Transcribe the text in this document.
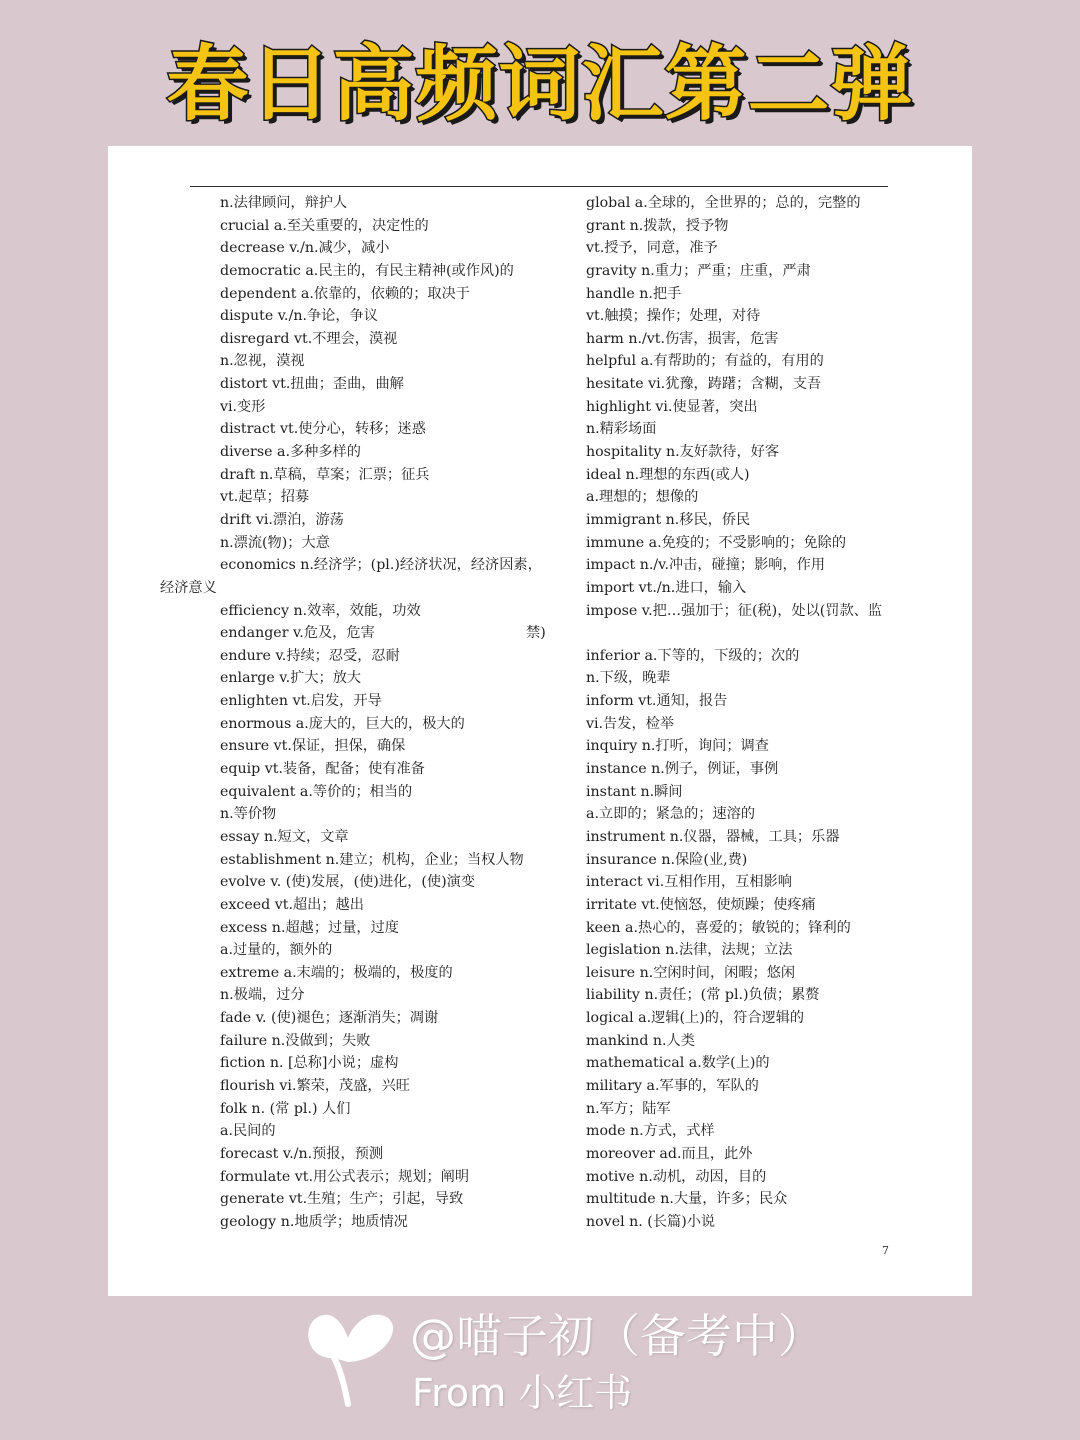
春日高频词汇第二弹
n.法律顾问，辩护人
crucial a.至关重要的，决定性的
decrease v./n.减少，减小
democratic a.民主的，有民主精神(或作风)的
dependent a.依靠的，依赖的；取决于
dispute v./n.争论，争议
disregard vt.不理会，漠视
n.忽视，漠视
distort vt.扭曲；歪曲，曲解
vi.变形
distract vt.使分心，转移；迷惑
diverse a.多种多样的
draft n.草稿，草案；汇票；征兵
vt.起草；招募
drift vi.漂泊，游荡
n.漂流(物)；大意
economics n.经济学；(pl.)经济状况，经济因素，
经济意义
efficiency n.效率，效能，功效
endanger v.危及，危害
endure v.持续；忍受，忍耐
enlarge v.扩大；放大
enlighten vt.启发，开导
enormous a.庞大的，巨大的，极大的
ensure vt.保证，担保，确保
equip vt.装备，配备；使有准备
equivalent a.等价的；相当的
n.等价物
essay n.短文，文章
establishment n.建立；机构，企业；当权人物
evolve v. (使)发展，(使)进化，(使)演变
exceed vt.超出；越出
excess n.超越；过量，过度
a.过量的，额外的
extreme a.末端的；极端的，极度的
n.极端，过分
fade v. (使)褪色；逐渐消失；凋谢
failure n.没做到；失败
fiction n. [总称]小说；虚构
flourish vi.繁荣，茂盛，兴旺
folk n. (常 pl.) 人们
a.民间的
forecast v./n.预报，预测
formulate vt.用公式表示；规划；阐明
generate vt.生殖；生产；引起，导致
geology n.地质学；地质情况
global a.全球的，全世界的；总的，完整的
grant n.拨款，授予物
vt.授予，同意，准予
gravity n.重力；严重；庄重，严肃
handle n.把手
vt.触摸；操作；处理，对待
harm n./vt.伤害，损害，危害
helpful a.有帮助的；有益的，有用的
hesitate vi.犹豫，踌躇；含糊，支吾
highlight vi.使显著，突出
n.精彩场面
hospitality n.友好款待，好客
ideal n.理想的东西(或人)
a.理想的；想像的
immigrant n.移民，侨民
immune a.免疫的；不受影响的；免除的
impact n./v.冲击，碰撞；影响，作用
import vt./n.进口，输入
impose v.把…强加于；征(税)，处以(罚款、监
禁)
inferior a.下等的，下级的；次的
n.下级，晚辈
inform vt.通知，报告
vi.告发，检举
inquiry n.打听，询问；调查
instance n.例子，例证，事例
instant n.瞬间
a.立即的；紧急的；速溶的
instrument n.仪器，器械，工具；乐器
insurance n.保险(业,费)
interact vi.互相作用，互相影响
irritate vt.使恼怒，使烦躁；使疼痛
keen a.热心的，喜爱的；敏锐的；锋利的
legislation n.法律，法规；立法
leisure n.空闲时间，闲暇；悠闲
liability n.责任；(常 pl.)负债；累赘
logical a.逻辑(上)的，符合逻辑的
mankind n.人类
mathematical a.数学(上)的
military a.军事的，军队的
n.军方；陆军
mode n.方式，式样
moreover ad.而且，此外
motive n.动机，动因，目的
multitude n.大量，许多；民众
novel n. (长篇)小说
7
@喵子初（备考中）
From 小红书
